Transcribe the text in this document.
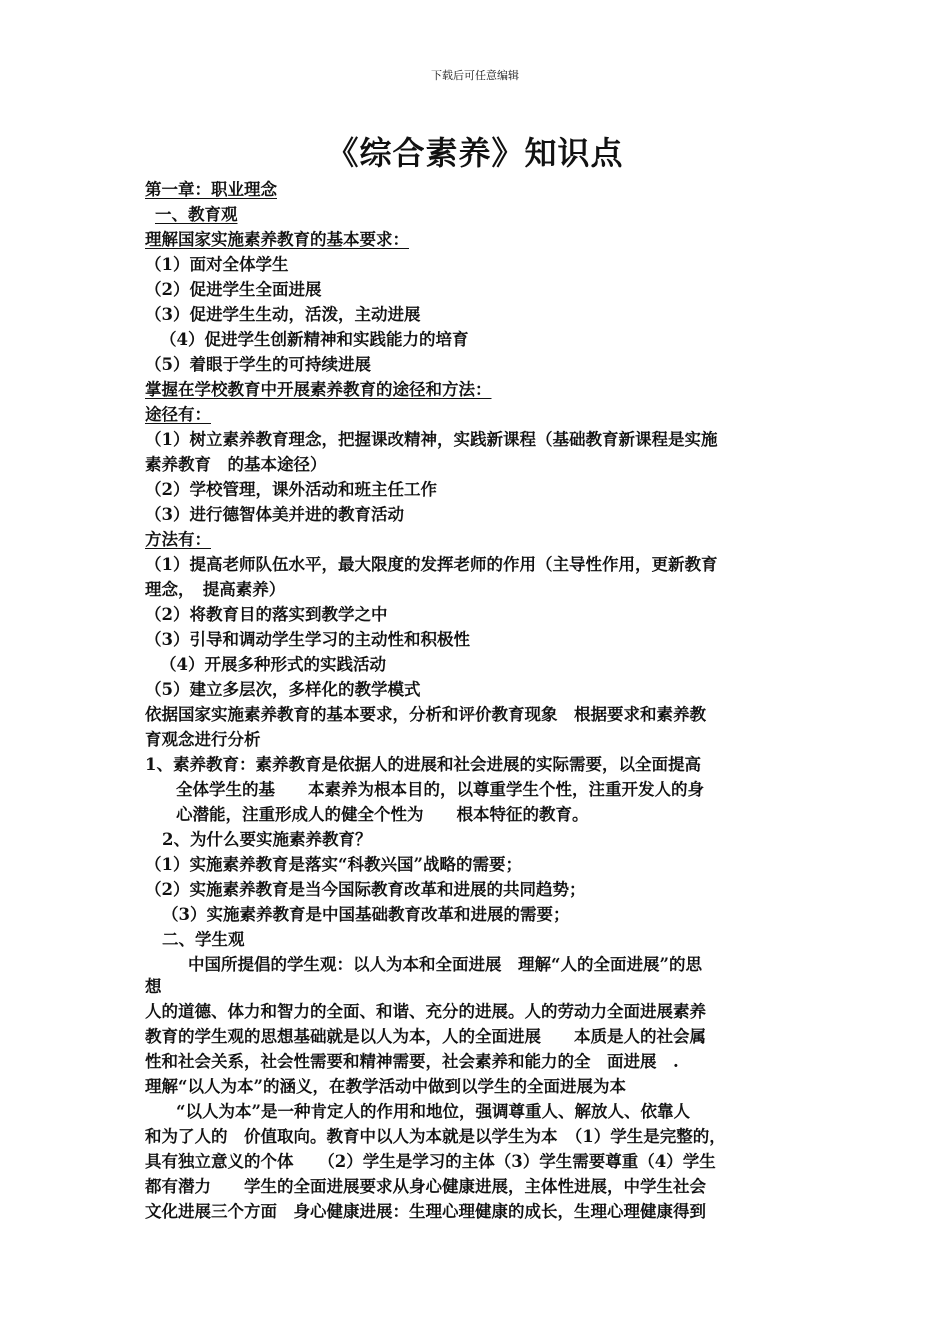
下载后可任意编辑
《综合素养》知识点
第一章：职业理念
一、教育观
理解国家实施素养教育的基本要求：
（1）面对全体学生
（2）促进学生全面进展
（3）促进学生生动，活泼，主动进展
（4）促进学生创新精神和实践能力的培育
（5）着眼于学生的可持续进展
掌握在学校教育中开展素养教育的途径和方法：
途径有：
（1）树立素养教育理念，把握课改精神，实践新课程（基础教育新课程是实施
素养教育　的基本途径）
（2）学校管理，课外活动和班主任工作
（3）进行德智体美并进的教育活动
方法有：
（1）提高老师队伍水平，最大限度的发挥老师的作用（主导性作用，更新教育
理念，　提高素养）
（2）将教育目的落实到教学之中
（3）引导和调动学生学习的主动性和积极性
（4）开展多种形式的实践活动
（5）建立多层次，多样化的教学模式
依据国家实施素养教育的基本要求，分析和评价教育现象　根据要求和素养教
育观念进行分析
1、素养教育：素养教育是依据人的进展和社会进展的实际需要，以全面提高
全体学生的基　　本素养为根本目的，以尊重学生个性，注重开发人的身
心潜能，注重形成人的健全个性为　　根本特征的教育。
2、为什么要实施素养教育？
（1）实施素养教育是落实“科教兴国”战略的需要；
（2）实施素养教育是当今国际教育改革和进展的共同趋势；
（3）实施素养教育是中国基础教育改革和进展的需要；
二、学生观
中国所提倡的学生观：以人为本和全面进展　理解“人的全面进展”的思
想
人的道德、体力和智力的全面、和谐、充分的进展。人的劳动力全面进展素养
教育的学生观的思想基础就是以人为本，人的全面进展　　本质是人的社会属
性和社会关系，社会性需要和精神需要，社会素养和能力的全　面进展　.
理解“以人为本”的涵义，在教学活动中做到以学生的全面进展为本
“以人为本”是一种肯定人的作用和地位，强调尊重人、解放人、依靠人
和为了人的　价值取向。教育中以人为本就是以学生为本　（1）学生是完整的，
具有独立意义的个体　　（2）学生是学习的主体（3）学生需要尊重（4）学生
都有潜力　　学生的全面进展要求从身心健康进展，主体性进展，中学生社会
文化进展三个方面　身心健康进展：生理心理健康的成长，生理心理健康得到
